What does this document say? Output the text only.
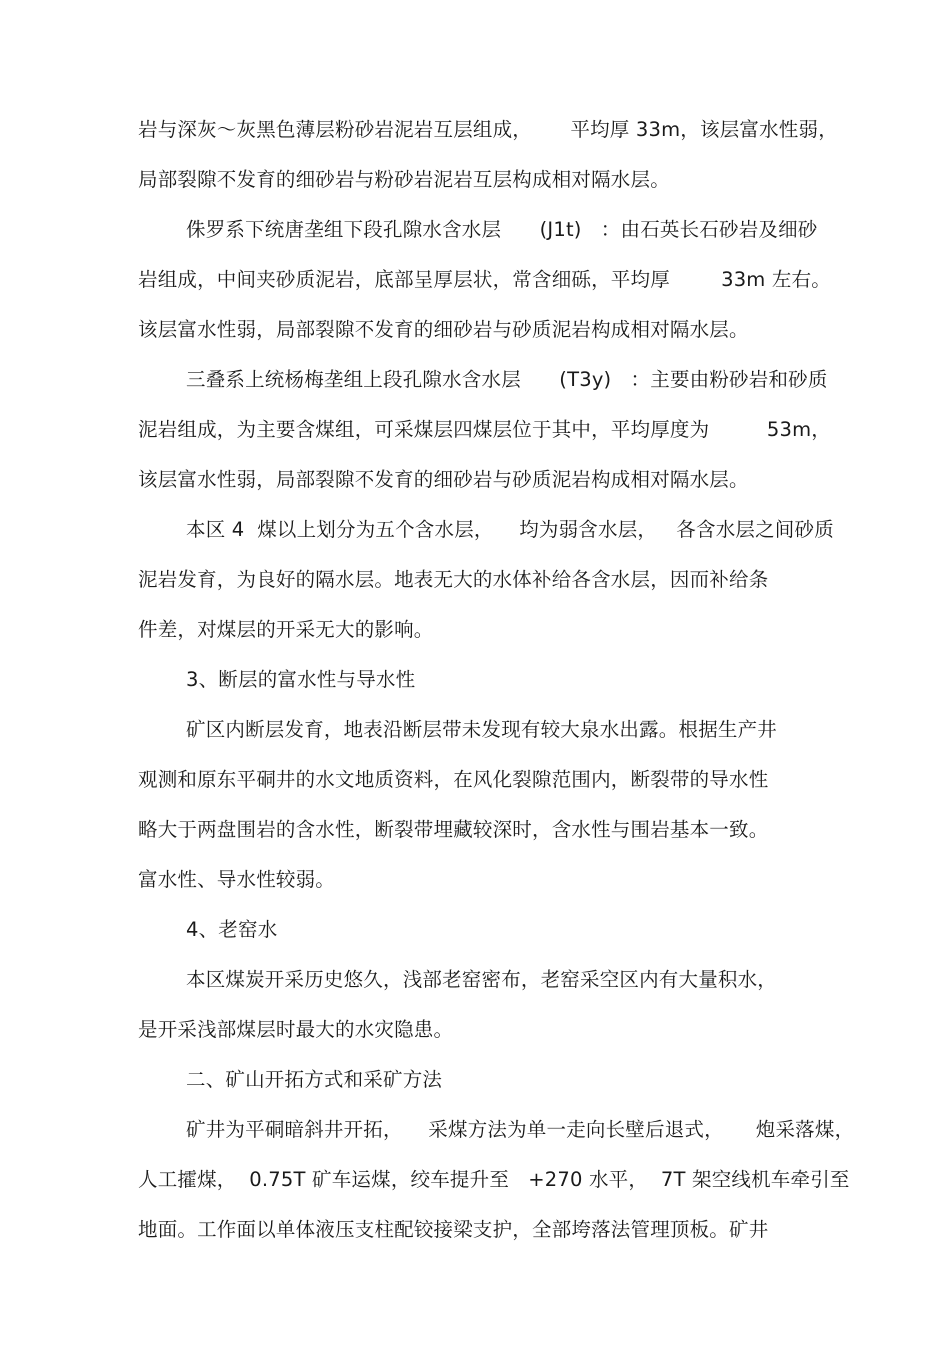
岩与深灰～灰黑色薄层粉砂岩泥岩互层组成，      平均厚 33m，该层富水性弱，
局部裂隙不发育的细砂岩与粉砂岩泥岩互层构成相对隔水层。
侏罗系下统唐垄组下段孔隙水含水层      (J1t)   ：由石英长石砂岩及细砂
岩组成，中间夹砂质泥岩，底部呈厚层状，常含细砾，平均厚        33m 左右。
该层富水性弱，局部裂隙不发育的细砂岩与砂质泥岩构成相对隔水层。
三叠系上统杨梅垄组上段孔隙水含水层      (T3y)   ：主要由粉砂岩和砂质
泥岩组成，为主要含煤组，可采煤层四煤层位于其中，平均厚度为         53m，
该层富水性弱，局部裂隙不发育的细砂岩与砂质泥岩构成相对隔水层。
本区 4  煤以上划分为五个含水层，    均为弱含水层，   各含水层之间砂质
泥岩发育，为良好的隔水层。地表无大的水体补给各含水层，因而补给条
件差，对煤层的开采无大的影响。
3、断层的富水性与导水性
矿区内断层发育，地表沿断层带未发现有较大泉水出露。根据生产井
观测和原东平硐井的水文地质资料，在风化裂隙范围内，断裂带的导水性
略大于两盘围岩的含水性，断裂带埋藏较深时，含水性与围岩基本一致。
富水性、导水性较弱。
4、老窑水
本区煤炭开采历史悠久，浅部老窑密布，老窑采空区内有大量积水，
是开采浅部煤层时最大的水灾隐患。
二、矿山开拓方式和采矿方法
矿井为平硐暗斜井开拓，    采煤方法为单一走向长壁后退式，     炮采落煤，
人工攉煤，  0.75T 矿车运煤，绞车提升至   +270 水平，  7T 架空线机车牵引至
地面。工作面以单体液压支柱配铰接梁支护，全部垮落法管理顶板。矿井
